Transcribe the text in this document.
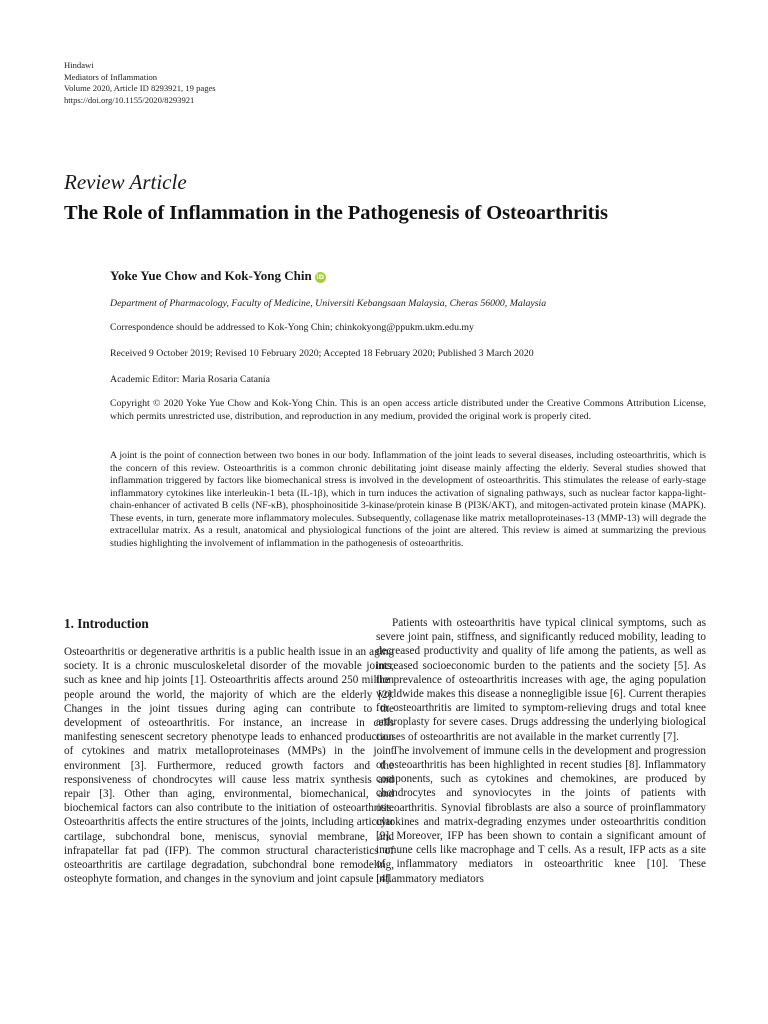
Hindawi
Mediators of Inflammation
Volume 2020, Article ID 8293921, 19 pages
https://doi.org/10.1155/2020/8293921
Review Article
The Role of Inflammation in the Pathogenesis of Osteoarthritis
Yoke Yue Chow and Kok-Yong Chin iD
Department of Pharmacology, Faculty of Medicine, Universiti Kebangsaan Malaysia, Cheras 56000, Malaysia
Correspondence should be addressed to Kok-Yong Chin; chinkokyong@ppukm.ukm.edu.my
Received 9 October 2019; Revised 10 February 2020; Accepted 18 February 2020; Published 3 March 2020
Academic Editor: Maria Rosaria Catania
Copyright © 2020 Yoke Yue Chow and Kok-Yong Chin. This is an open access article distributed under the Creative Commons Attribution License, which permits unrestricted use, distribution, and reproduction in any medium, provided the original work is properly cited.
A joint is the point of connection between two bones in our body. Inflammation of the joint leads to several diseases, including osteoarthritis, which is the concern of this review. Osteoarthritis is a common chronic debilitating joint disease mainly affecting the elderly. Several studies showed that inflammation triggered by factors like biomechanical stress is involved in the development of osteoarthritis. This stimulates the release of early-stage inflammatory cytokines like interleukin-1 beta (IL-1β), which in turn induces the activation of signaling pathways, such as nuclear factor kappa-light-chain-enhancer of activated B cells (NF-κB), phosphoinositide 3-kinase/protein kinase B (PI3K/AKT), and mitogen-activated protein kinase (MAPK). These events, in turn, generate more inflammatory molecules. Subsequently, collagenase like matrix metalloproteinases-13 (MMP-13) will degrade the extracellular matrix. As a result, anatomical and physiological functions of the joint are altered. This review is aimed at summarizing the previous studies highlighting the involvement of inflammation in the pathogenesis of osteoarthritis.
1. Introduction

Osteoarthritis or degenerative arthritis is a public health issue in an aging society. It is a chronic musculoskeletal disorder of the movable joints, such as knee and hip joints [1]. Osteoarthritis affects around 250 million people around the world, the majority of which are the elderly [2]. Changes in the joint tissues during aging can contribute to the development of osteoarthritis. For instance, an increase in cells manifesting senescent secretory phenotype leads to enhanced production of cytokines and matrix metalloproteinases (MMPs) in the joint environment [3]. Furthermore, reduced growth factors and the responsiveness of chondrocytes will cause less matrix synthesis and repair [3]. Other than aging, environmental, biomechanical, and biochemical factors can also contribute to the initiation of osteoarthritis. Osteoarthritis affects the entire structures of the joints, including articular cartilage, subchondral bone, meniscus, synovial membrane, and infrapatellar fat pad (IFP). The common structural characteristics of osteoarthritis are cartilage degradation, subchondral bone remodeling, osteophyte formation, and changes in the synovium and joint capsule [4].

Patients with osteoarthritis have typical clinical symptoms, such as severe joint pain, stiffness, and significantly reduced mobility, leading to decreased productivity and quality of life among the patients, as well as increased socioeconomic burden to the patients and the society [5]. As the prevalence of osteoarthritis increases with age, the aging population worldwide makes this disease a nonnegligible issue [6]. Current therapies for osteoarthritis are limited to symptom-relieving drugs and total knee arthroplasty for severe cases. Drugs addressing the underlying biological causes of osteoarthritis are not available in the market currently [7].

The involvement of immune cells in the development and progression of osteoarthritis has been highlighted in recent studies [8]. Inflammatory components, such as cytokines and chemokines, are produced by chondrocytes and synoviocytes in the joints of patients with osteoarthritis. Synovial fibroblasts are also a source of proinflammatory cytokines and matrix-degrading enzymes under osteoarthritis condition [9]. Moreover, IFP has been shown to contain a significant amount of immune cells like macrophage and T cells. As a result, IFP acts as a site of inflammatory mediators in osteoarthritic knee [10]. These inflammatory mediators
